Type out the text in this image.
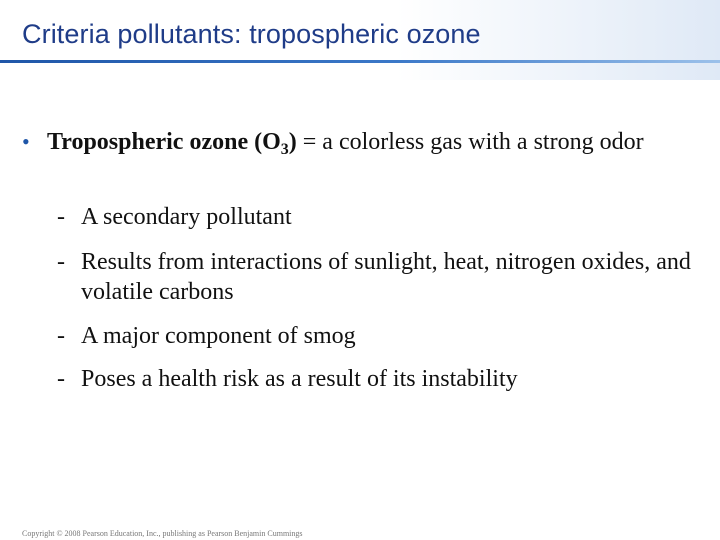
Criteria pollutants: tropospheric ozone
• Tropospheric ozone $(O_3) = a$ colorless gas with a strong odor
- A secondary pollutant
- Results from interactions of sunlight, heat, nitrogen oxides, and volatile carbons
- A major component of smog
- Poses a health risk as a result of its instability
Copyright © 2008 Pearson Education, Inc., publishing as Pearson Benjamin Cummings
